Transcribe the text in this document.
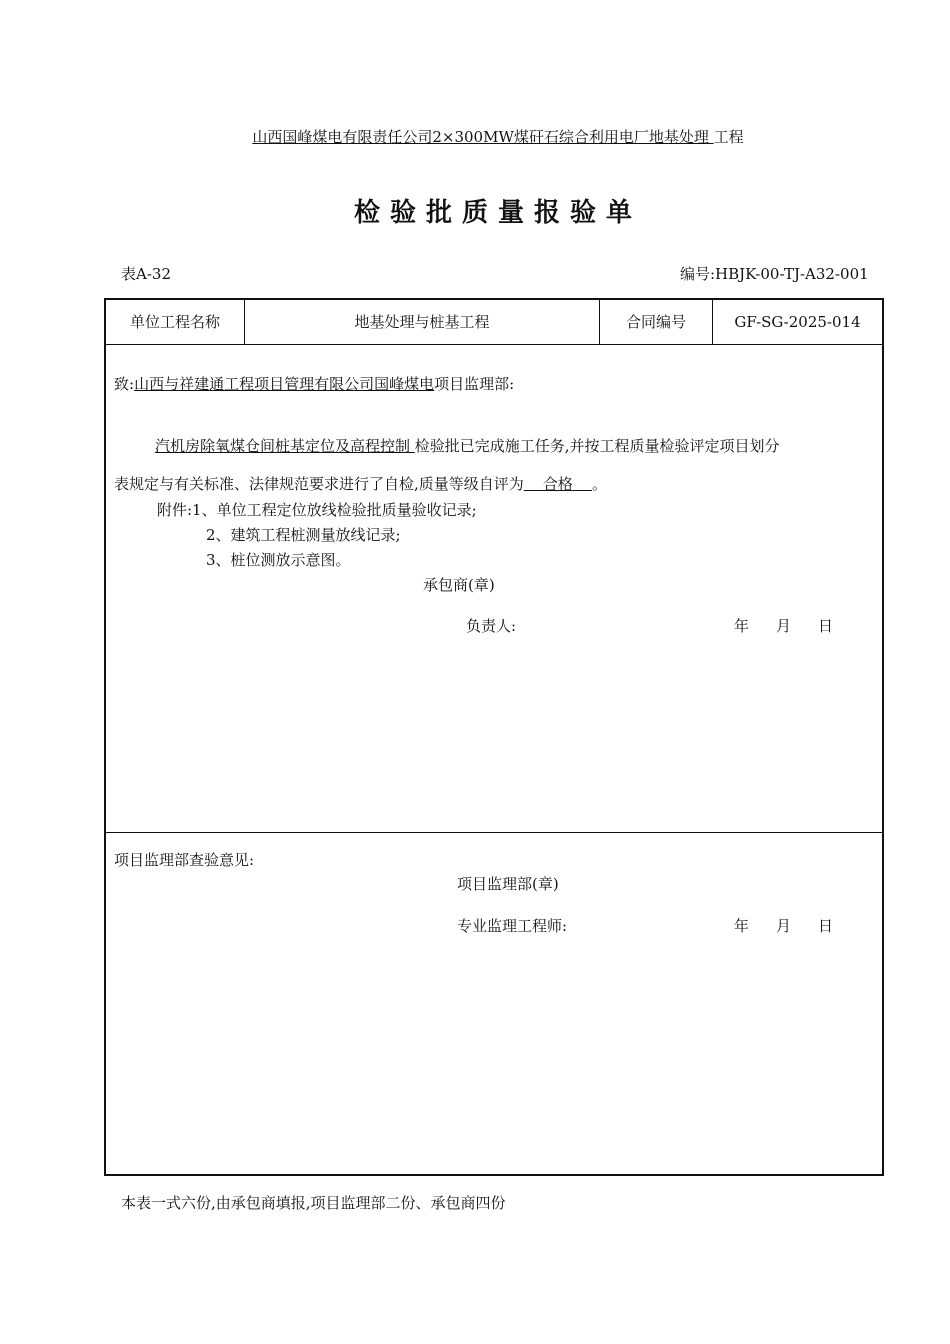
山西国峰煤电有限责任公司2×300MW煤矸石综合利用电厂地基处理 工程
检验批质量报验单
表A-32	编号:HBJK-00-TJ-A32-001
单位工程名称	地基处理与桩基工程	合同编号	GF-SG-2025-014
致:山西与祥建通工程项目管理有限公司国峰煤电项目监理部:
汽机房除氧煤仓间桩基定位及高程控制 检验批已完成施工任务,并按工程质量检验评定项目划分
表规定与有关标准、法律规范要求进行了自检,质量等级自评为    合格    。
附件:1、单位工程定位放线检验批质量验收记录;
2、建筑工程桩测量放线记录;
3、桩位测放示意图。
承包商(章)
负责人:	年 月 日
项目监理部查验意见:
项目监理部(章)
专业监理工程师:	年 月 日
本表一式六份,由承包商填报,项目监理部二份、承包商四份
